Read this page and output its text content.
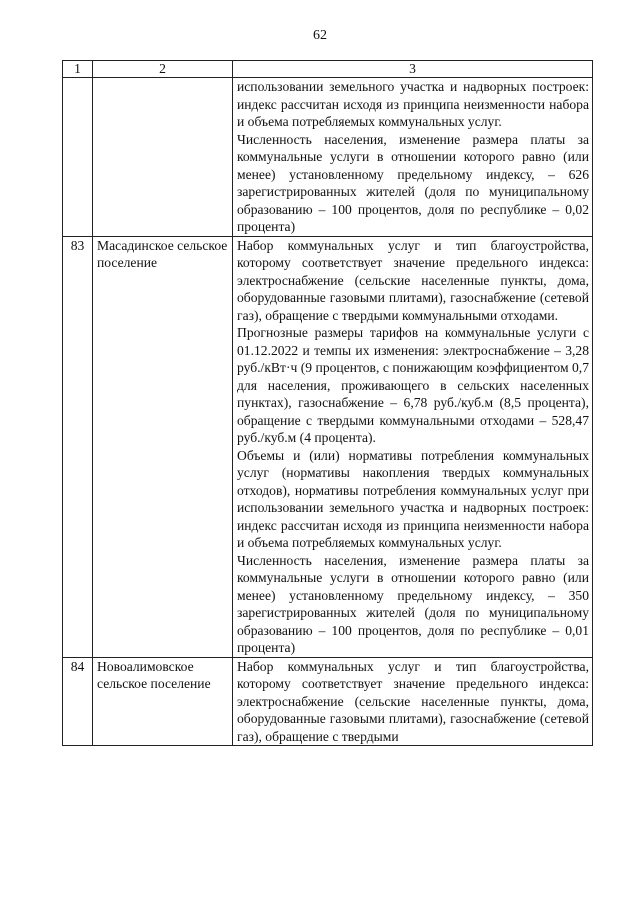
62
1	2	3

		использовании земельного участка и надворных построек: индекс рассчитан исходя из принципа неизменности набора и объема потребляемых коммунальных услуг.

Численность населения, изменение размера платы за коммунальные услуги в отношении которого равно (или менее) установленному предельному индексу, – 626 зарегистрированных жителей (доля по муниципальному образованию – 100 процентов, доля по республике – 0,02 процента)

83	Масадинское сельское поселение	Набор коммунальных услуг и тип благоустройства, которому соответствует значение предельного индекса: электроснабжение (сельские населенные пункты, дома, оборудованные газовыми плитами), газоснабжение (сетевой газ), обращение с твердыми коммунальными отходами.

Прогнозные размеры тарифов на коммунальные услуги с 01.12.2022 и темпы их изменения: электроснабжение – 3,28 руб./кВт·ч (9 процентов, с понижающим коэффициентом 0,7 для населения, проживающего в сельских населенных пунктах), газоснабжение – 6,78 руб./куб.м (8,5 процента), обращение с твердыми коммунальными отходами – 528,47 руб./куб.м (4 процента).

Объемы и (или) нормативы потребления коммунальных услуг (нормативы накопления твердых коммунальных отходов), нормативы потребления коммунальных услуг при использовании земельного участка и надворных построек: индекс рассчитан исходя из принципа неизменности набора и объема потребляемых коммунальных услуг.

Численность населения, изменение размера платы за коммунальные услуги в отношении которого равно (или менее) установленному предельному индексу, – 350 зарегистрированных жителей (доля по муниципальному образованию – 100 процентов, доля по республике – 0,01 процента)

84	Новоалимовское сельское поселение	Набор коммунальных услуг и тип благоустройства, которому соответствует значение предельного индекса: электроснабжение (сельские населенные пункты, дома, оборудованные газовыми плитами), газоснабжение (сетевой газ), обращение с твердыми
